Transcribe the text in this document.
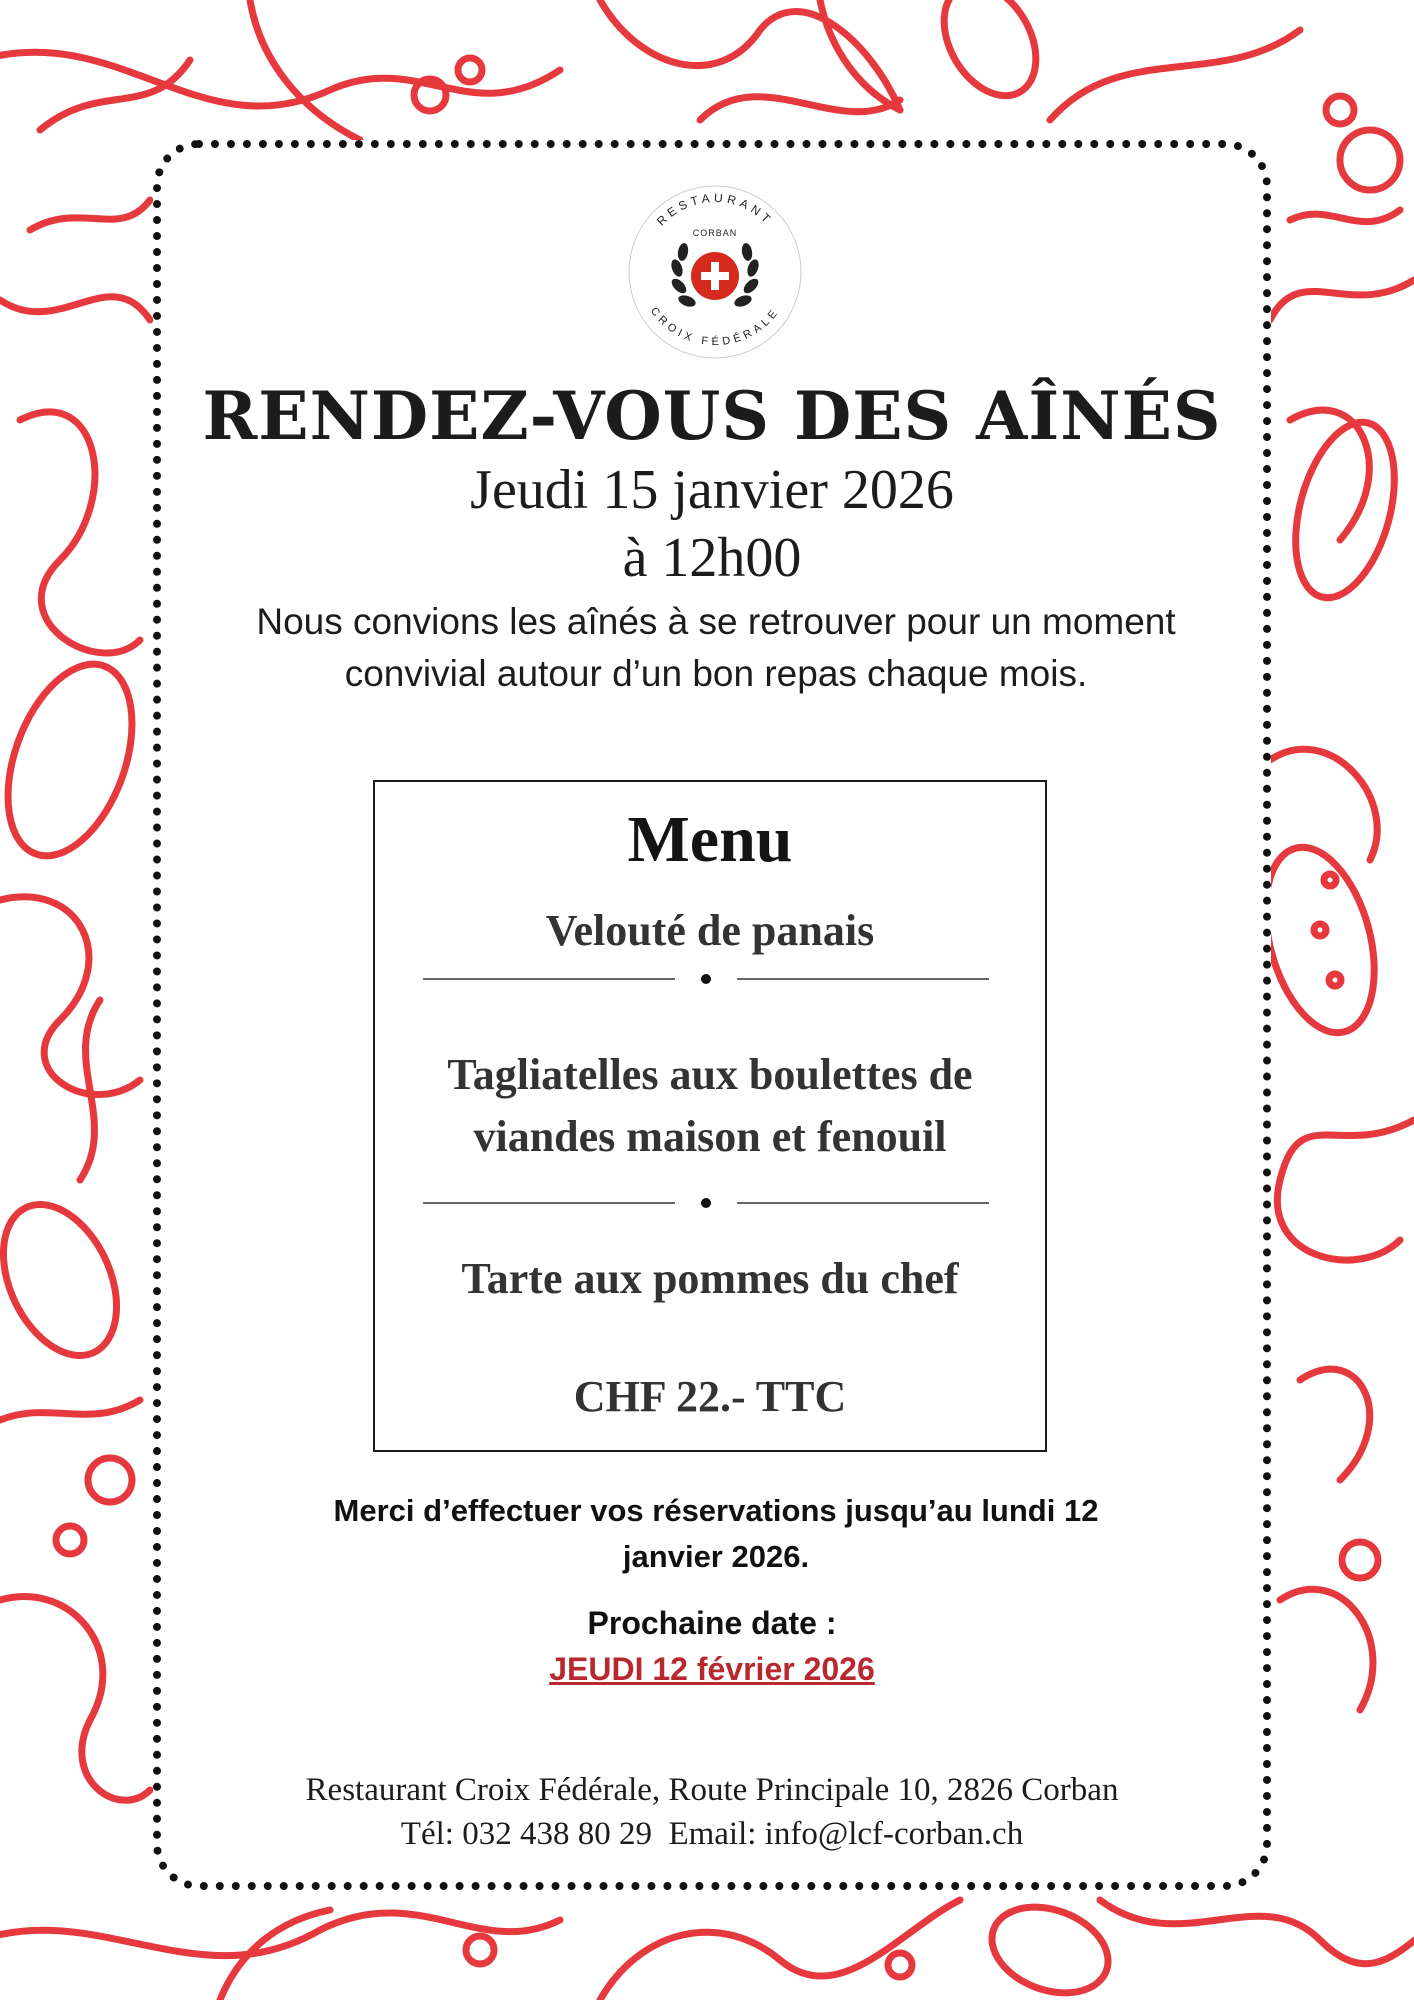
RESTAURANT
CROIX FÉDÉRALE
CORBAN
RENDEZ-VOUS DES AÎNÉS

Jeudi 15 janvier 2026

à 12h00

Nous convions les aînés à se retrouver pour un moment convivial autour d’un bon repas chaque mois.

Menu

Velouté de panais

Tagliatelles aux boulettes de viandes maison et fenouil

Tarte aux pommes du chef

CHF 22.- TTC

Merci d’effectuer vos réservations jusqu’au lundi 12 janvier 2026.

Prochaine date :

JEUDI 12 février 2026

Restaurant Croix Fédérale, Route Principale 10, 2826 Corban

Tél: 032 438 80 29 Email: info@lcf-corban.ch
